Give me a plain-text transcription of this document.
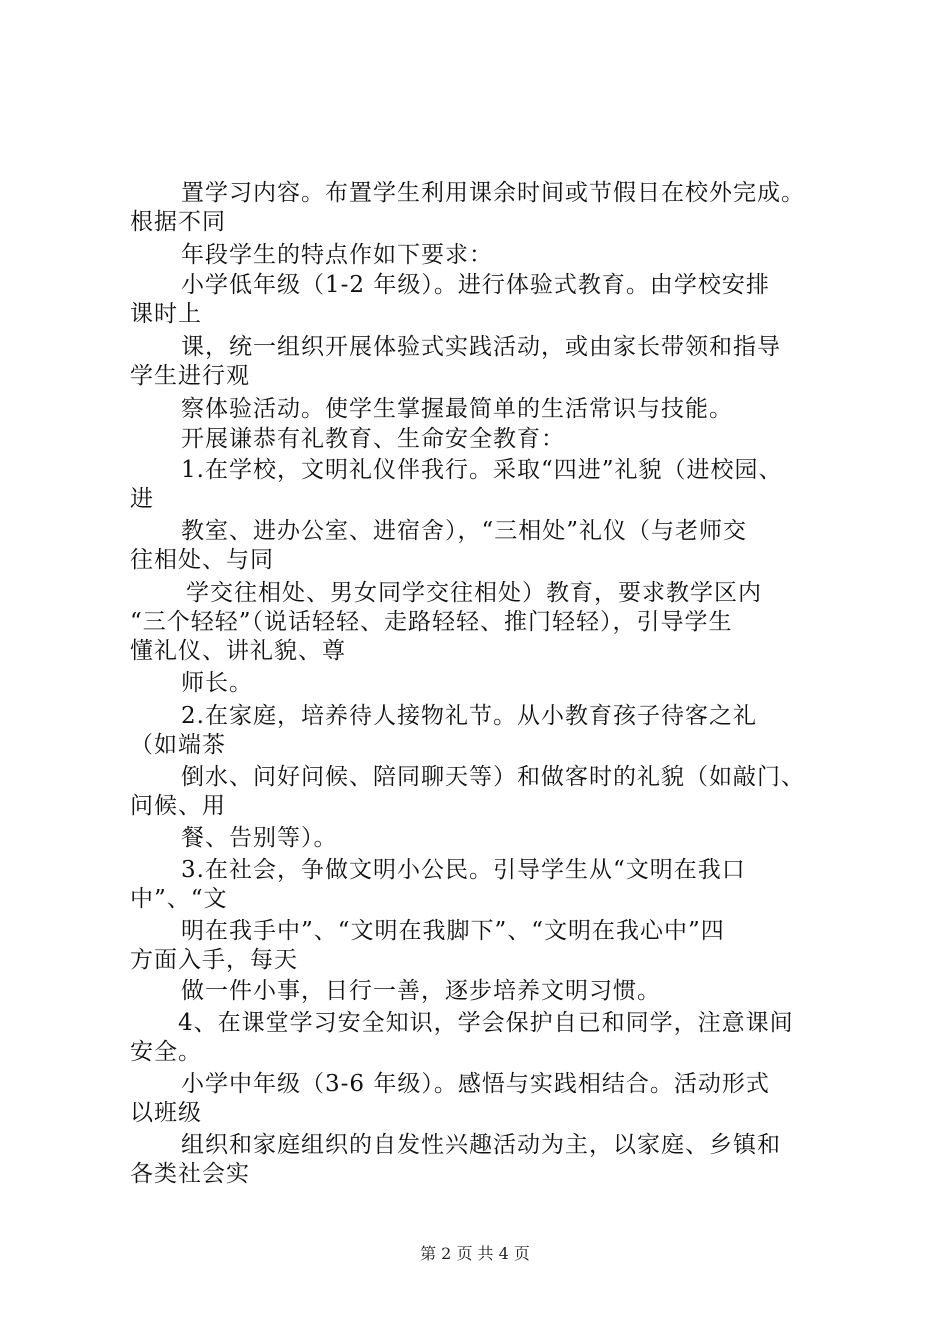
置学习内容。布置学生利用课余时间或节假日在校外完成。
根据不同
年段学生的特点作如下要求：
小学低年级（1-2 年级）。进行体验式教育。由学校安排
课时上
课，统一组织开展体验式实践活动，或由家长带领和指导
学生进行观
察体验活动。使学生掌握最简单的生活常识与技能。
开展谦恭有礼教育、生命安全教育：
1.在学校，文明礼仪伴我行。采取“四进”礼貌（进校园、
进
教室、进办公室、进宿舍），“三相处”礼仪（与老师交
往相处、与同
学交往相处、男女同学交往相处）教育，要求教学区内
“三个轻轻”（说话轻轻、走路轻轻、推门轻轻），引导学生
懂礼仪、讲礼貌、尊
师长。
2.在家庭，培养待人接物礼节。从小教育孩子待客之礼
（如端茶
倒水、问好问候、陪同聊天等）和做客时的礼貌（如敲门、
问候、用
餐、告别等）。
3.在社会，争做文明小公民。引导学生从“文明在我口
中”、“文
明在我手中”、“文明在我脚下”、“文明在我心中”四
方面入手，每天
做一件小事，日行一善，逐步培养文明习惯。
4、在课堂学习安全知识，学会保护自已和同学，注意课间
安全。
小学中年级（3-6 年级）。感悟与实践相结合。活动形式
以班级
组织和家庭组织的自发性兴趣活动为主，以家庭、乡镇和
各类社会实
第 2 页 共 4 页
